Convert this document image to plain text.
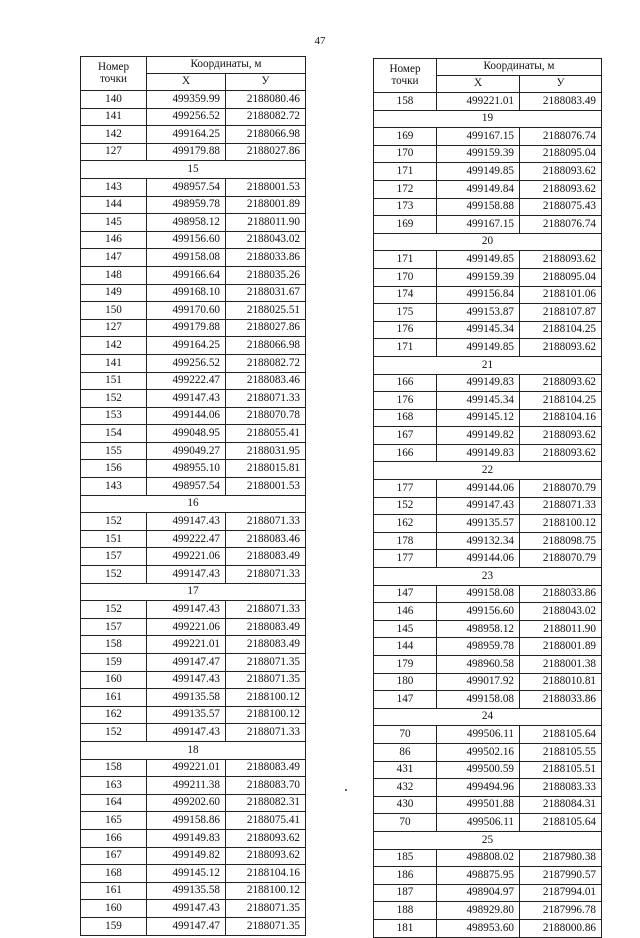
47
Номер
точки	Координаты, м	
	X	У
140	499359.99	2188080.46
141	499256.52	2188082.72
142	499164.25	2188066.98
127	499179.88	2188027.86
15		
143	498957.54	2188001.53
144	498959.78	2188001.89
145	498958.12	2188011.90
146	499156.60	2188043.02
147	499158.08	2188033.86
148	499166.64	2188035.26
149	499168.10	2188031.67
150	499170.60	2188025.51
127	499179.88	2188027.86
142	499164.25	2188066.98
141	499256.52	2188082.72
151	499222.47	2188083.46
152	499147.43	2188071.33
153	499144.06	2188070.78
154	499048.95	2188055.41
155	499049.27	2188031.95
156	498955.10	2188015.81
143	498957.54	2188001.53
16		
152	499147.43	2188071.33
151	499222.47	2188083.46
157	499221.06	2188083.49
152	499147.43	2188071.33
17		
152	499147.43	2188071.33
157	499221.06	2188083.49
158	499221.01	2188083.49
159	499147.47	2188071.35
160	499147.43	2188071.35
161	499135.58	2188100.12
162	499135.57	2188100.12
152	499147.43	2188071.33
18		
158	499221.01	2188083.49
163	499211.38	2188083.70
164	499202.60	2188082.31
165	499158.86	2188075.41
166	499149.83	2188093.62
167	499149.82	2188093.62
168	499145.12	2188104.16
161	499135.58	2188100.12
160	499147.43	2188071.35
159	499147.47	2188071.35
Номер
точки	Координаты, м	
	X	У
158	499221.01	2188083.49
19		
169	499167.15	2188076.74
170	499159.39	2188095.04
171	499149.85	2188093.62
172	499149.84	2188093.62
173	499158.88	2188075.43
169	499167.15	2188076.74
20		
171	499149.85	2188093.62
170	499159.39	2188095.04
174	499156.84	2188101.06
175	499153.87	2188107.87
176	499145.34	2188104.25
171	499149.85	2188093.62
21		
166	499149.83	2188093.62
176	499145.34	2188104.25
168	499145.12	2188104.16
167	499149.82	2188093.62
166	499149.83	2188093.62
22		
177	499144.06	2188070.79
152	499147.43	2188071.33
162	499135.57	2188100.12
178	499132.34	2188098.75
177	499144.06	2188070.79
23		
147	499158.08	2188033.86
146	499156.60	2188043.02
145	498958.12	2188011.90
144	498959.78	2188001.89
179	498960.58	2188001.38
180	499017.92	2188010.81
147	499158.08	2188033.86
24		
70	499506.11	2188105.64
86	499502.16	2188105.55
431	499500.59	2188105.51
432	499494.96	2188083.33
430	499501.88	2188084.31
70	499506.11	2188105.64
25		
185	498808.02	2187980.38
186	498875.95	2187990.57
187	498904.97	2187994.01
188	498929.80	2187996.78
181	498953.60	2188000.86
